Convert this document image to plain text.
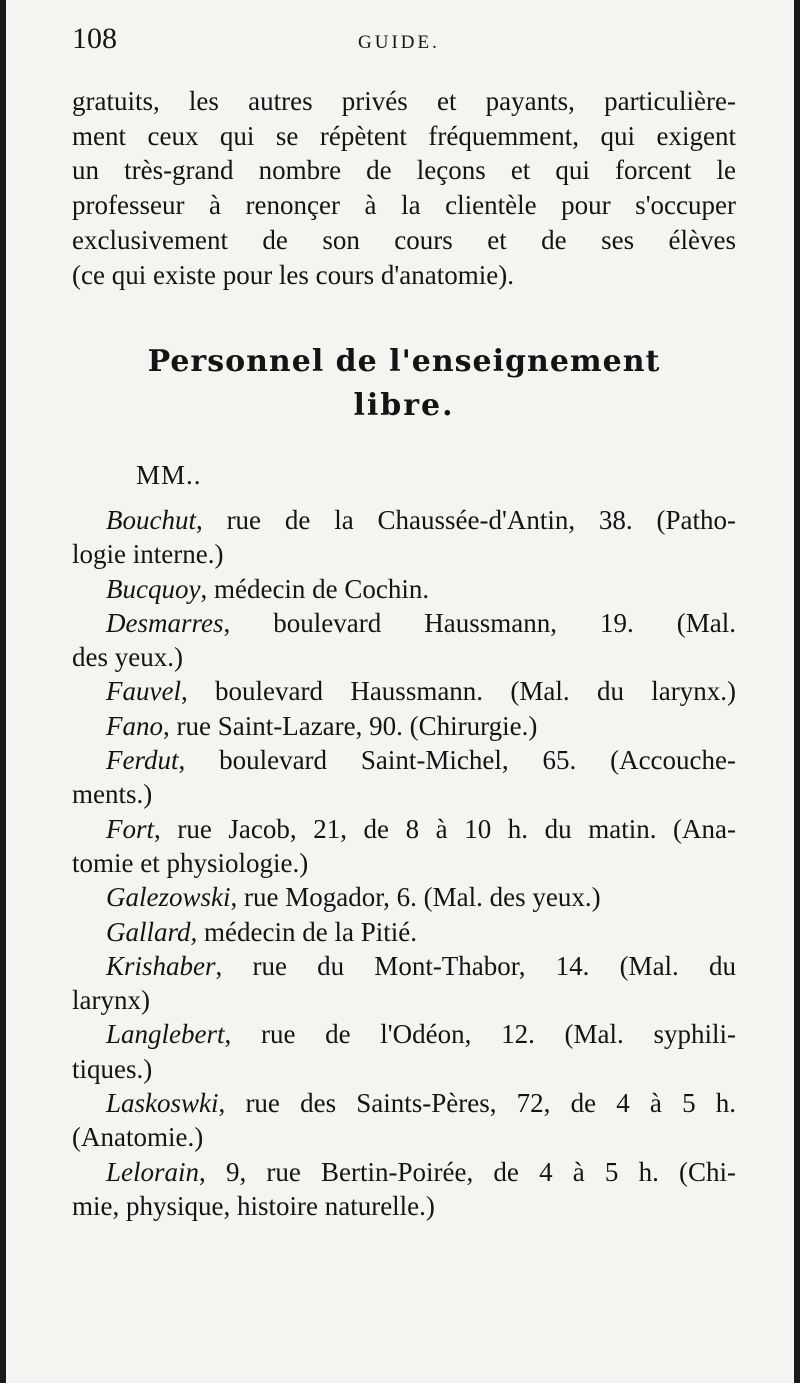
108	GUIDE.
gratuits, les autres privés et payants, particulière-
ment ceux qui se répètent fréquemment, qui exigent
un très-grand nombre de leçons et qui forcent le
professeur à renonçer à la clientèle pour s'occuper
exclusivement de son cours et de ses élèves
(ce qui existe pour les cours d'anatomie).
Personnel de l'enseignement
libre.
MM..
Bouchut, rue de la Chaussée-d'Antin, 38. (Patho-
logie interne.)
Bucquoy, médecin de Cochin.
Desmarres, boulevard Haussmann, 19. (Mal.
des yeux.)
Fauvel, boulevard Haussmann. (Mal. du larynx.)
Fano, rue Saint-Lazare, 90. (Chirurgie.)
Ferdut, boulevard Saint-Michel, 65. (Accouche-
ments.)
Fort, rue Jacob, 21, de 8 à 10 h. du matin. (Ana-
tomie et physiologie.)
Galezowski, rue Mogador, 6. (Mal. des yeux.)
Gallard, médecin de la Pitié.
Krishaber, rue du Mont-Thabor, 14. (Mal. du
larynx)
Langlebert, rue de l'Odéon, 12. (Mal. syphili-
tiques.)
Laskoswki, rue des Saints-Pères, 72, de 4 à 5 h.
(Anatomie.)
Lelorain, 9, rue Bertin-Poirée, de 4 à 5 h. (Chi-
mie, physique, histoire naturelle.)
